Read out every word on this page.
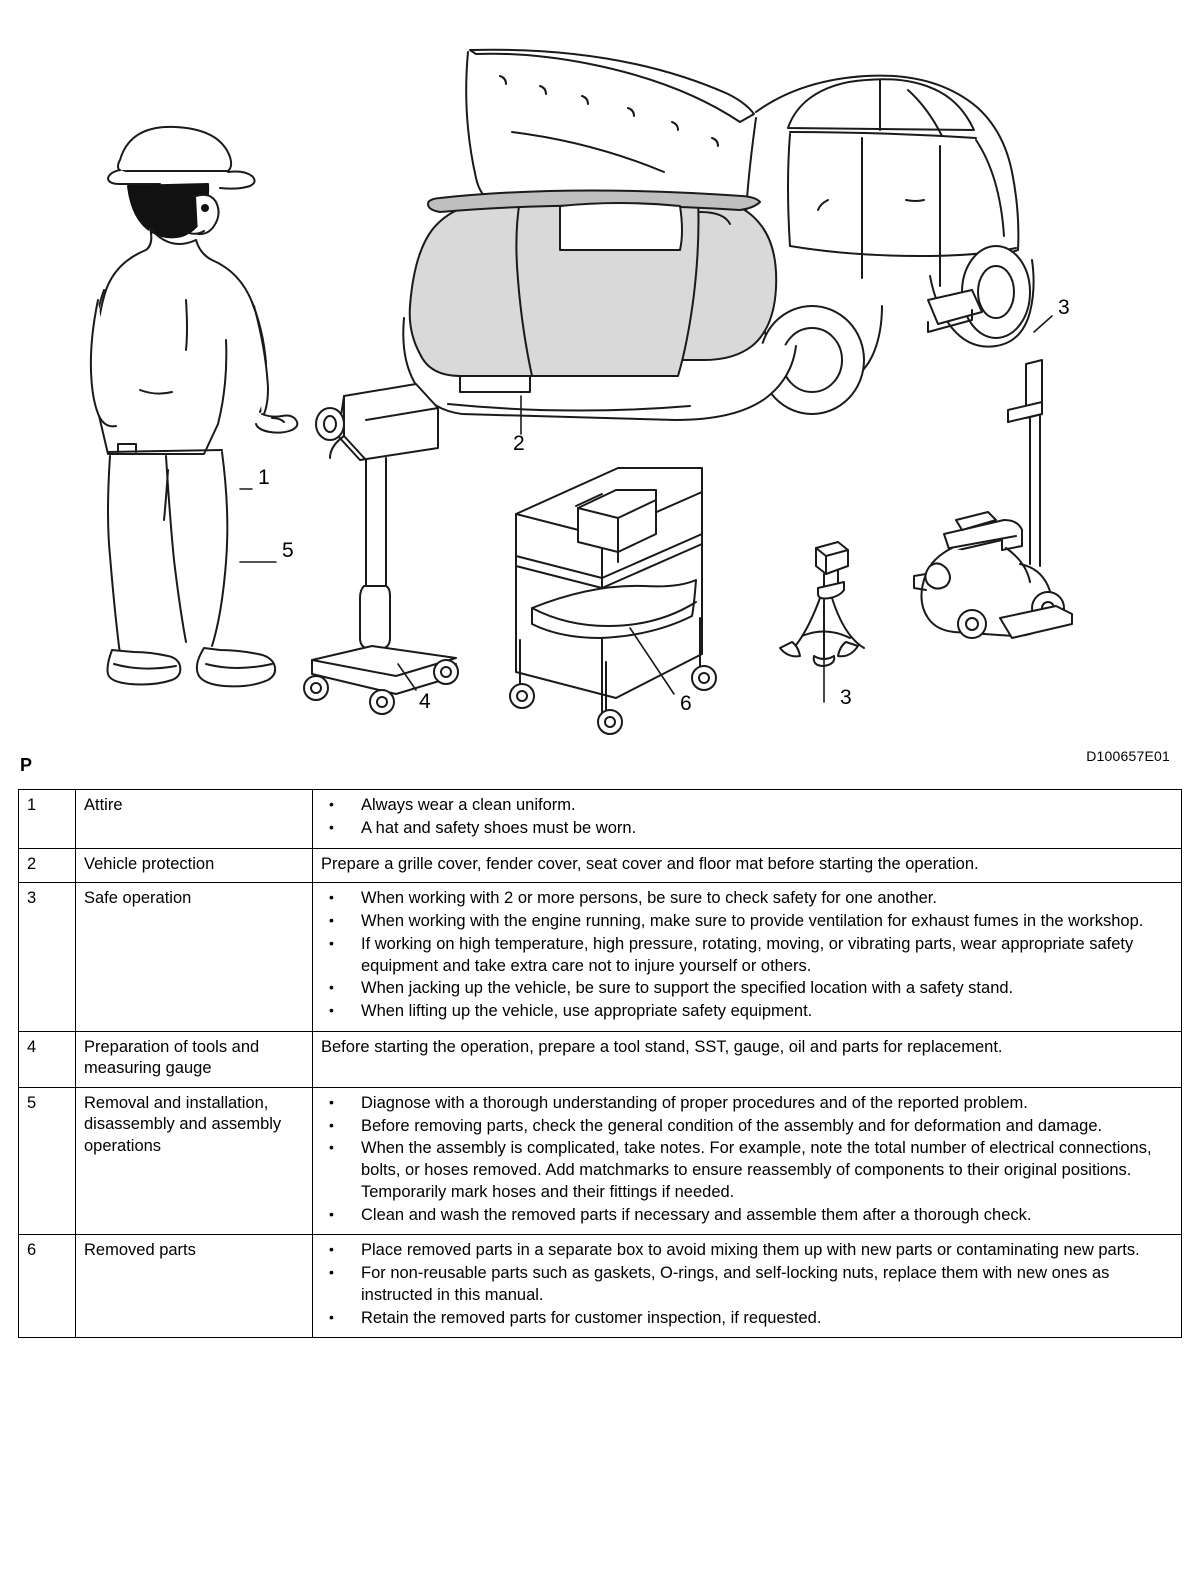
1
2
3
3
4
5
6
P	D100657E01
1	Attire	
•Always wear a clean uniform.
• A hat and safety shoes must be worn.

2	Vehicle protection	Prepare a grille cover, fender cover, seat cover and floor mat before starting the operation.

3	Safe operation	
•When working with 2 or more persons, be sure to check safety for one another.
• When working with the engine running, make sure to provide ventilation for exhaust fumes in the workshop.
• If working on high temperature, high pressure, rotating, moving, or vibrating parts, wear appropriate safety equipment and take extra care not to injure yourself or others.
• When jacking up the vehicle, be sure to support the specified location with a safety stand.
• When lifting up the vehicle, use appropriate safety equipment.

4	Preparation of tools and measuring gauge	Before starting the operation, prepare a tool stand, SST, gauge, oil and parts for replacement.

5	Removal and installation, disassembly and assembly operations	
• Diagnose with a thorough understanding of proper procedures and of the reported problem.
• Before removing parts, check the general condition of the assembly and for deformation and damage.
• When the assembly is complicated, take notes. For example, note the total number of electrical connections, bolts, or hoses removed. Add matchmarks to ensure reassembly of components to their original positions. Temporarily mark hoses and their fittings if needed.
• Clean and wash the removed parts if necessary and assemble them after a thorough check.

6	Removed parts	
•Place removed parts in a separate box to avoid mixing them up with new parts or contaminating new parts.
• For non-reusable parts such as gaskets, O-rings, and self-locking nuts, replace them with new ones as instructed in this manual.
• Retain the removed parts for customer inspection, if requested.
